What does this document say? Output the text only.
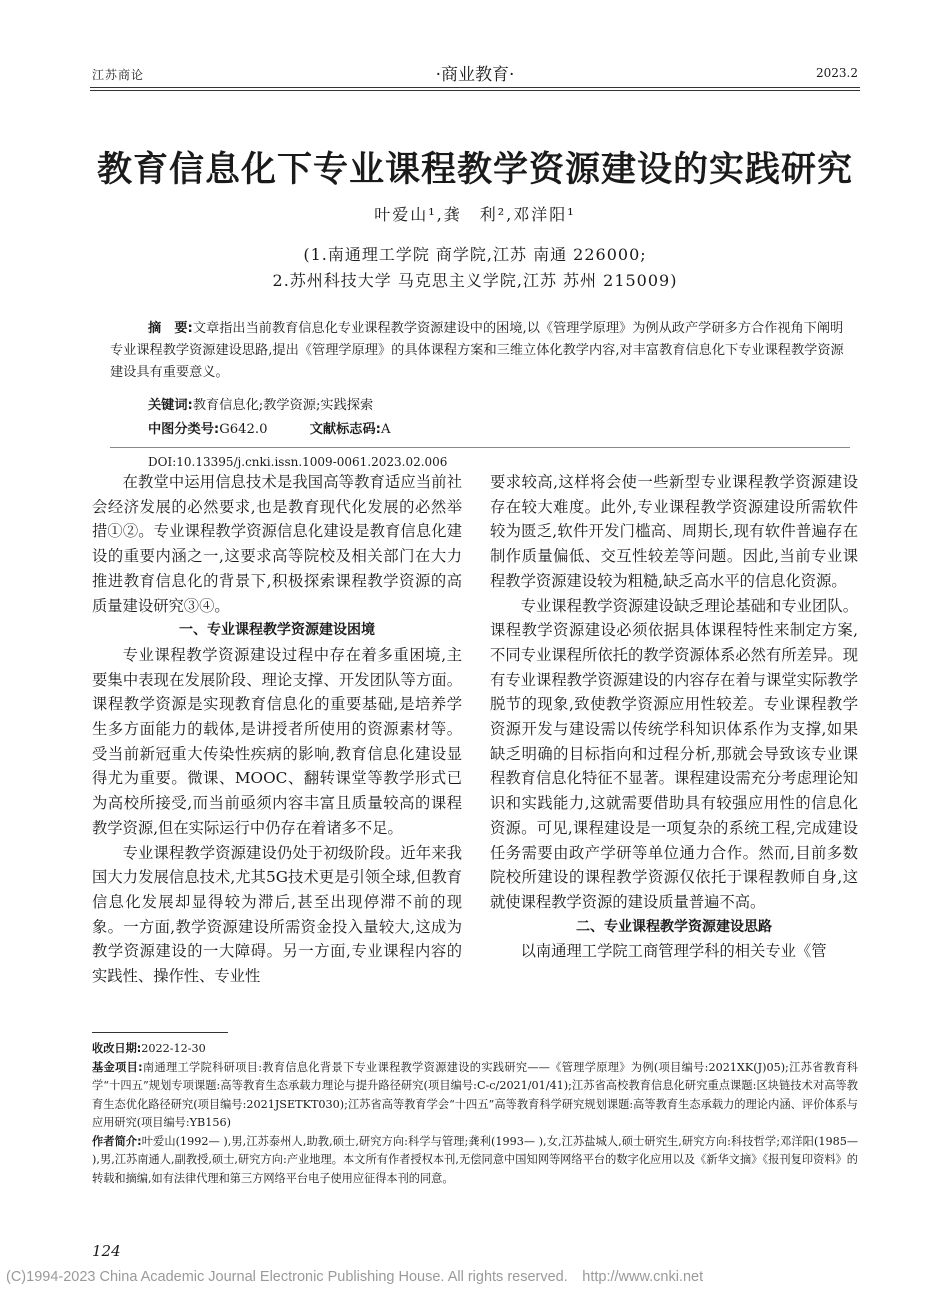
江苏商论	·商业教育·	2023.2
教育信息化下专业课程教学资源建设的实践研究
叶爱山¹,龚　利²,邓洋阳¹
(1.南通理工学院 商学院,江苏 南通 226000;
2.苏州科技大学 马克思主义学院,江苏 苏州 215009)
摘　要:文章指出当前教育信息化专业课程教学资源建设中的困境,以《管理学原理》为例从政产学研多方合作视角下阐明专业课程教学资源建设思路,提出《管理学原理》的具体课程方案和三维立体化教学内容,对丰富教育信息化下专业课程教学资源建设具有重要意义。
关键词:教育信息化;教学资源;实践探索
中图分类号:G642.0	文献标志码:A
DOI:10.13395/j.cnki.issn.1009-0061.2023.02.006

在教堂中运用信息技术是我国高等教育适应当前社会经济发展的必然要求,也是教育现代化发展的必然举措①②。专业课程教学资源信息化建设是教育信息化建设的重要内涵之一,这要求高等院校及相关部门在大力推进教育信息化的背景下,积极探索课程教学资源的高质量建设研究③④。

一、专业课程教学资源建设困境

专业课程教学资源建设过程中存在着多重困境,主要集中表现在发展阶段、理论支撑、开发团队等方面。课程教学资源是实现教育信息化的重要基础,是培养学生多方面能力的载体,是讲授者所使用的资源素材等。受当前新冠重大传染性疾病的影响,教育信息化建设显得尤为重要。微课、MOOC、翻转课堂等教学形式已为高校所接受,而当前亟须内容丰富且质量较高的课程教学资源,但在实际运行中仍存在着诸多不足。

专业课程教学资源建设仍处于初级阶段。近年来我国大力发展信息技术,尤其5G技术更是引领全球,但教育信息化发展却显得较为滞后,甚至出现停滞不前的现象。一方面,教学资源建设所需资金投入量较大,这成为教学资源建设的一大障碍。另一方面,专业课程内容的实践性、操作性、专业性

要求较高,这样将会使一些新型专业课程教学资源建设存在较大难度。此外,专业课程教学资源建设所需软件较为匮乏,软件开发门槛高、周期长,现有软件普遍存在制作质量偏低、交互性较差等问题。因此,当前专业课程教学资源建设较为粗糙,缺乏高水平的信息化资源。

专业课程教学资源建设缺乏理论基础和专业团队。课程教学资源建设必须依据具体课程特性来制定方案,不同专业课程所依托的教学资源体系必然有所差异。现有专业课程教学资源建设的内容存在着与课堂实际教学脱节的现象,致使教学资源应用性较差。专业课程教学资源开发与建设需以传统学科知识体系作为支撑,如果缺乏明确的目标指向和过程分析,那就会导致该专业课程教育信息化特征不显著。课程建设需充分考虑理论知识和实践能力,这就需要借助具有较强应用性的信息化资源。可见,课程建设是一项复杂的系统工程,完成建设任务需要由政产学研等单位通力合作。然而,目前多数院校所建设的课程教学资源仅依托于课程教师自身,这就使课程教学资源的建设质量普遍不高。

二、专业课程教学资源建设思路

以南通理工学院工商管理学科的相关专业《管

收改日期:2022-12-30

基金项目:南通理工学院科研项目:教育信息化背景下专业课程教学资源建设的实践研究——《管理学原理》为例(项目编号:2021XK(J)05);江苏省教育科学“十四五”规划专项课题:高等教育生态承载力理论与提升路径研究(项目编号:C-c/2021/01/41);江苏省高校教育信息化研究重点课题:区块链技术对高等教育生态优化路径研究(项目编号:2021JSETKT030);江苏省高等教育学会“十四五”高等教育科学研究规划课题:高等教育生态承载力的理论内涵、评价体系与应用研究(项目编号:YB156)

作者简介:叶爱山(1992— ),男,江苏泰州人,助教,硕士,研究方向:科学与管理;龚利(1993— ),女,江苏盐城人,硕士研究生,研究方向:科技哲学;邓洋阳(1985— ),男,江苏南通人,副教授,硕士,研究方向:产业地理。本文所有作者授权本刊,无偿同意中国知网等网络平台的数字化应用以及《新华文摘》《报刊复印资料》的转载和摘编,如有法律代理和第三方网络平台电子使用应征得本刊的同意。

124
(C)1994-2023 China Academic Journal Electronic Publishing House. All rights reserved.　http://www.cnki.net
